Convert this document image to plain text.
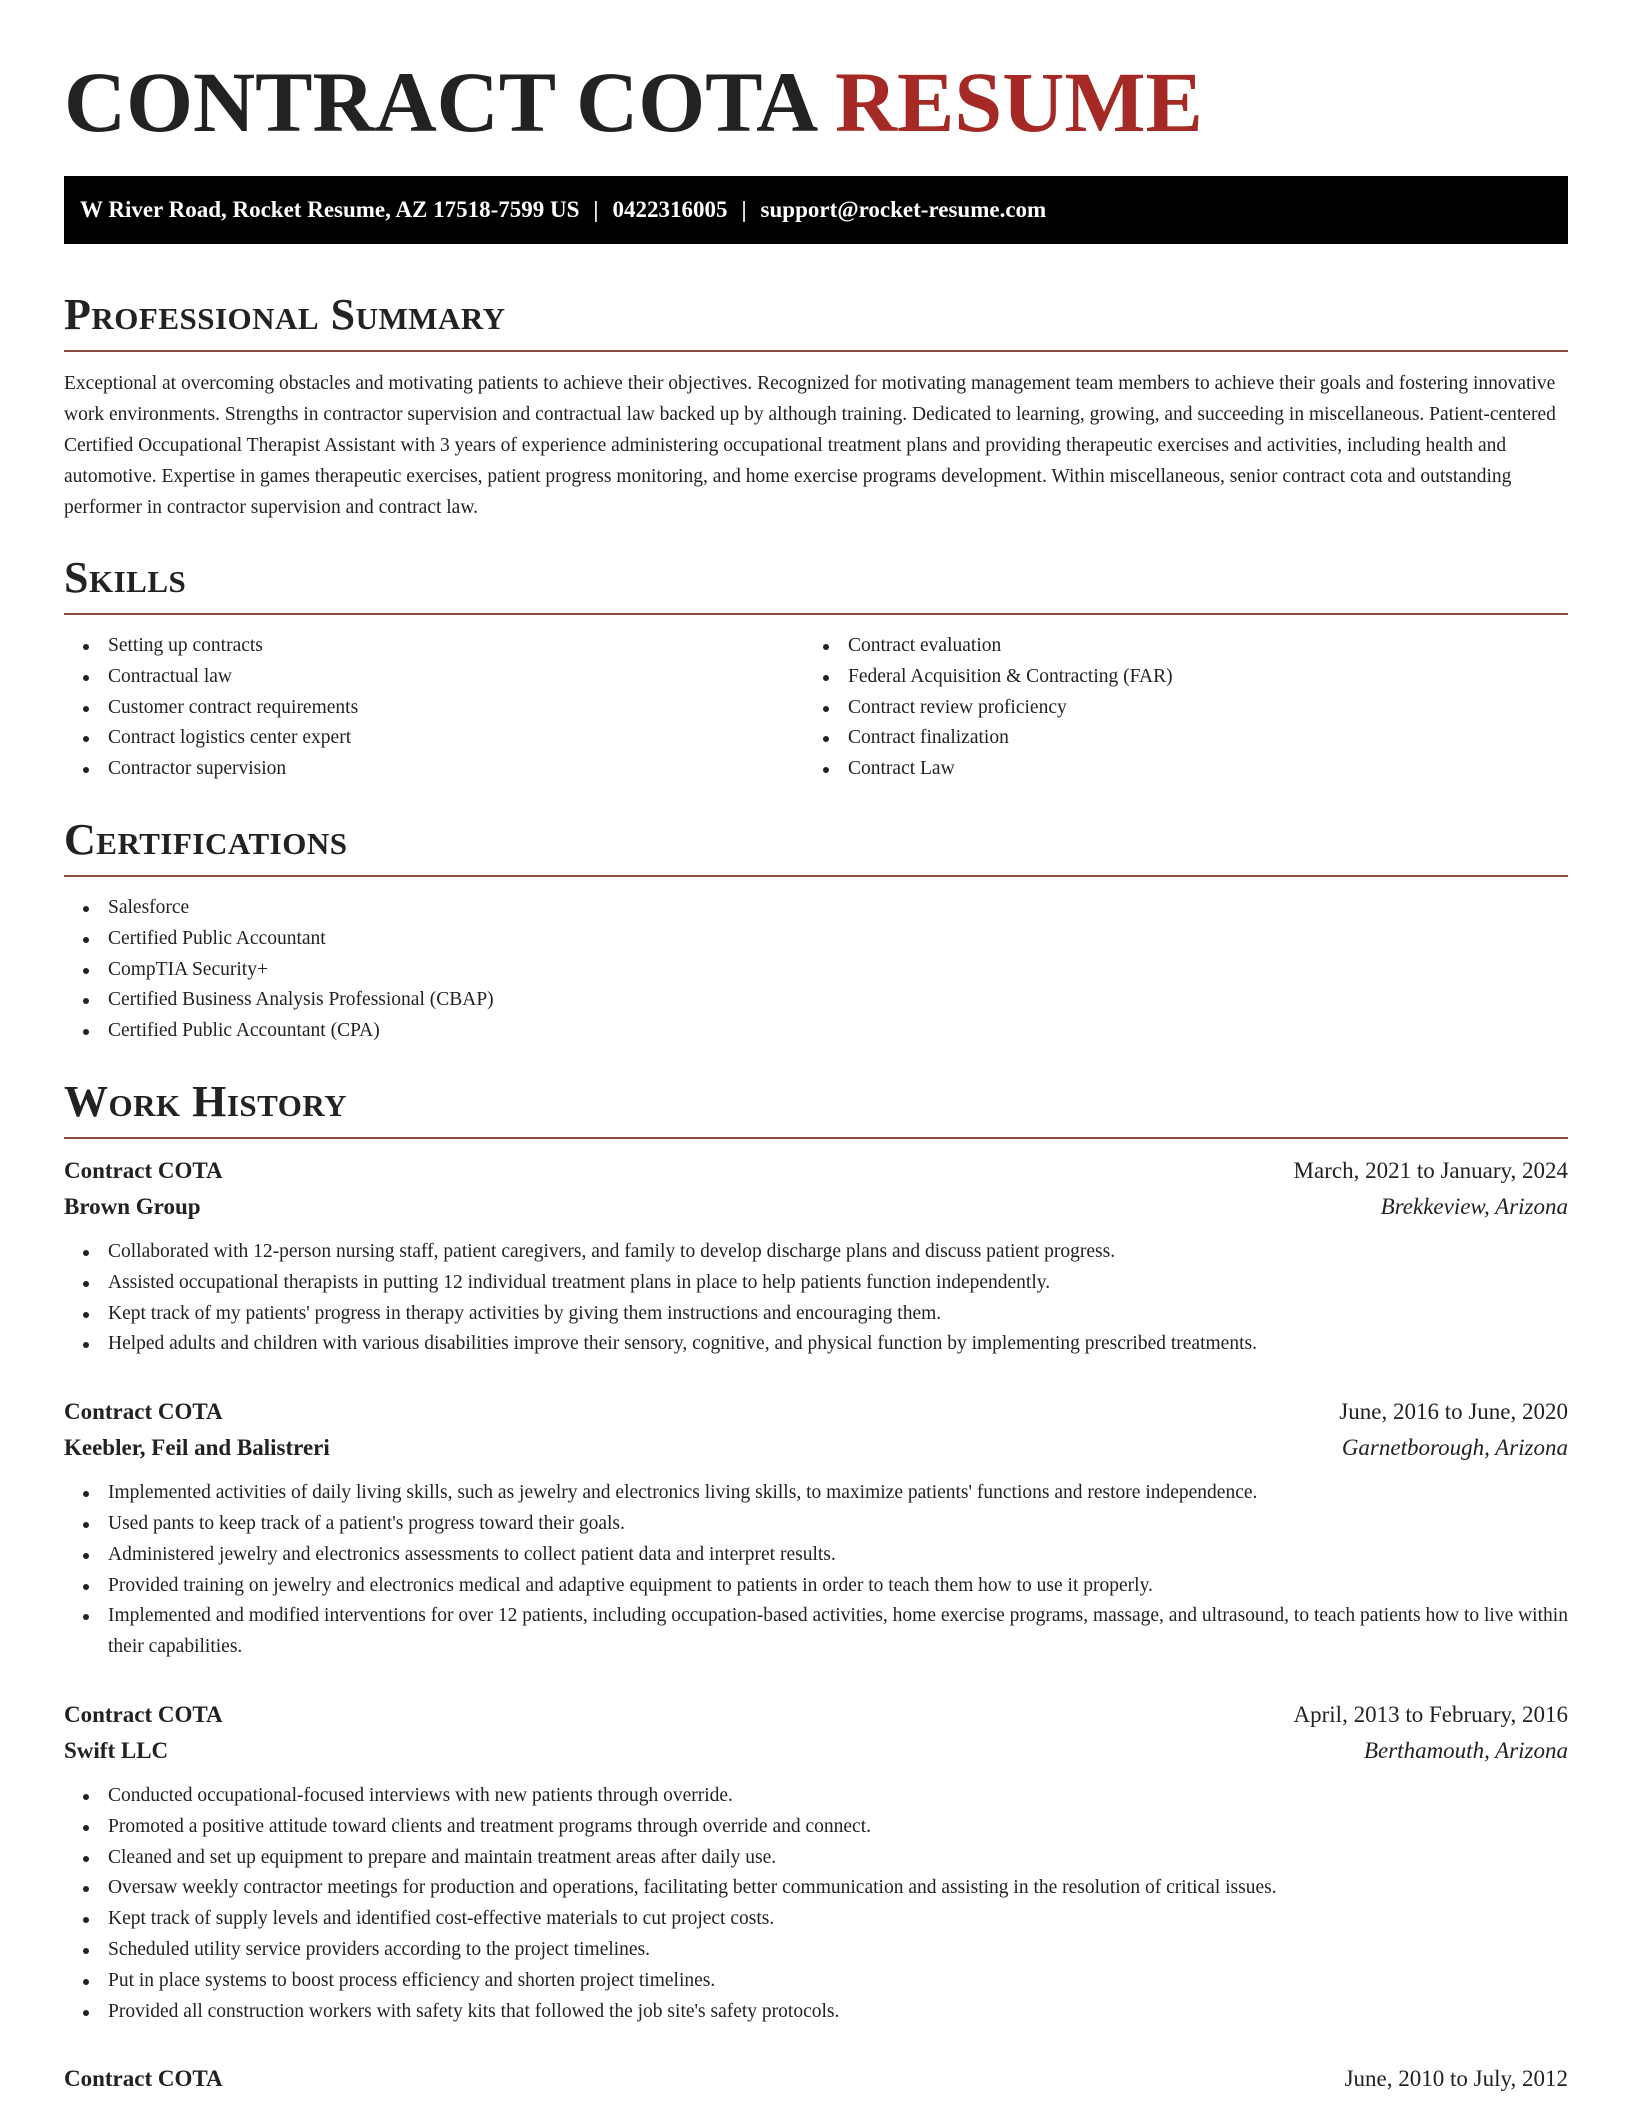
CONTRACT COTA RESUME
W River Road, Rocket Resume, AZ 17518-7599 US | 0422316005 | support@rocket-resume.com
Professional Summary

Exceptional at overcoming obstacles and motivating patients to achieve their objectives. Recognized for motivating management team members to achieve their goals and fostering innovative work environments. Strengths in contractor supervision and contractual law backed up by although training. Dedicated to learning, growing, and succeeding in miscellaneous. Patient-centered Certified Occupational Therapist Assistant with 3 years of experience administering occupational treatment plans and providing therapeutic exercises and activities, including health and automotive. Expertise in games therapeutic exercises, patient progress monitoring, and home exercise programs development. Within miscellaneous, senior contract cota and outstanding performer in contractor supervision and contract law.

Skills
Setting up contracts
Contractual law
Customer contract requirements
Contract logistics center expert
Contractor supervision
Contract evaluation
Federal Acquisition & Contracting (FAR)
Contract review proficiency
Contract finalization
Contract Law
Certifications
Salesforce
Certified Public Accountant
CompTIA Security+
Certified Business Analysis Professional (CBAP)
Certified Public Accountant (CPA)
Work History
Contract COTA	March, 2021 to January, 2024
Brown Group	Brekkeview, Arizona
Collaborated with 12-person nursing staff, patient caregivers, and family to develop discharge plans and discuss patient progress.
Assisted occupational therapists in putting 12 individual treatment plans in place to help patients function independently.
Kept track of my patients' progress in therapy activities by giving them instructions and encouraging them.
Helped adults and children with various disabilities improve their sensory, cognitive, and physical function by implementing prescribed treatments.
Contract COTA	June, 2016 to June, 2020
Keebler, Feil and Balistreri	Garnetborough, Arizona
Implemented activities of daily living skills, such as jewelry and electronics living skills, to maximize patients' functions and restore independence.
Used pants to keep track of a patient's progress toward their goals.
Administered jewelry and electronics assessments to collect patient data and interpret results.
Provided training on jewelry and electronics medical and adaptive equipment to patients in order to teach them how to use it properly.
Implemented and modified interventions for over 12 patients, including occupation-based activities, home exercise programs, massage, and ultrasound, to teach patients how to live within their capabilities.
Contract COTA	April, 2013 to February, 2016
Swift LLC	Berthamouth, Arizona
Conducted occupational-focused interviews with new patients through override.
Promoted a positive attitude toward clients and treatment programs through override and connect.
Cleaned and set up equipment to prepare and maintain treatment areas after daily use.
Oversaw weekly contractor meetings for production and operations, facilitating better communication and assisting in the resolution of critical issues.
Kept track of supply levels and identified cost-effective materials to cut project costs.
Scheduled utility service providers according to the project timelines.
Put in place systems to boost process efficiency and shorten project timelines.
Provided all construction workers with safety kits that followed the job site's safety protocols.
Contract COTA	June, 2010 to July, 2012
